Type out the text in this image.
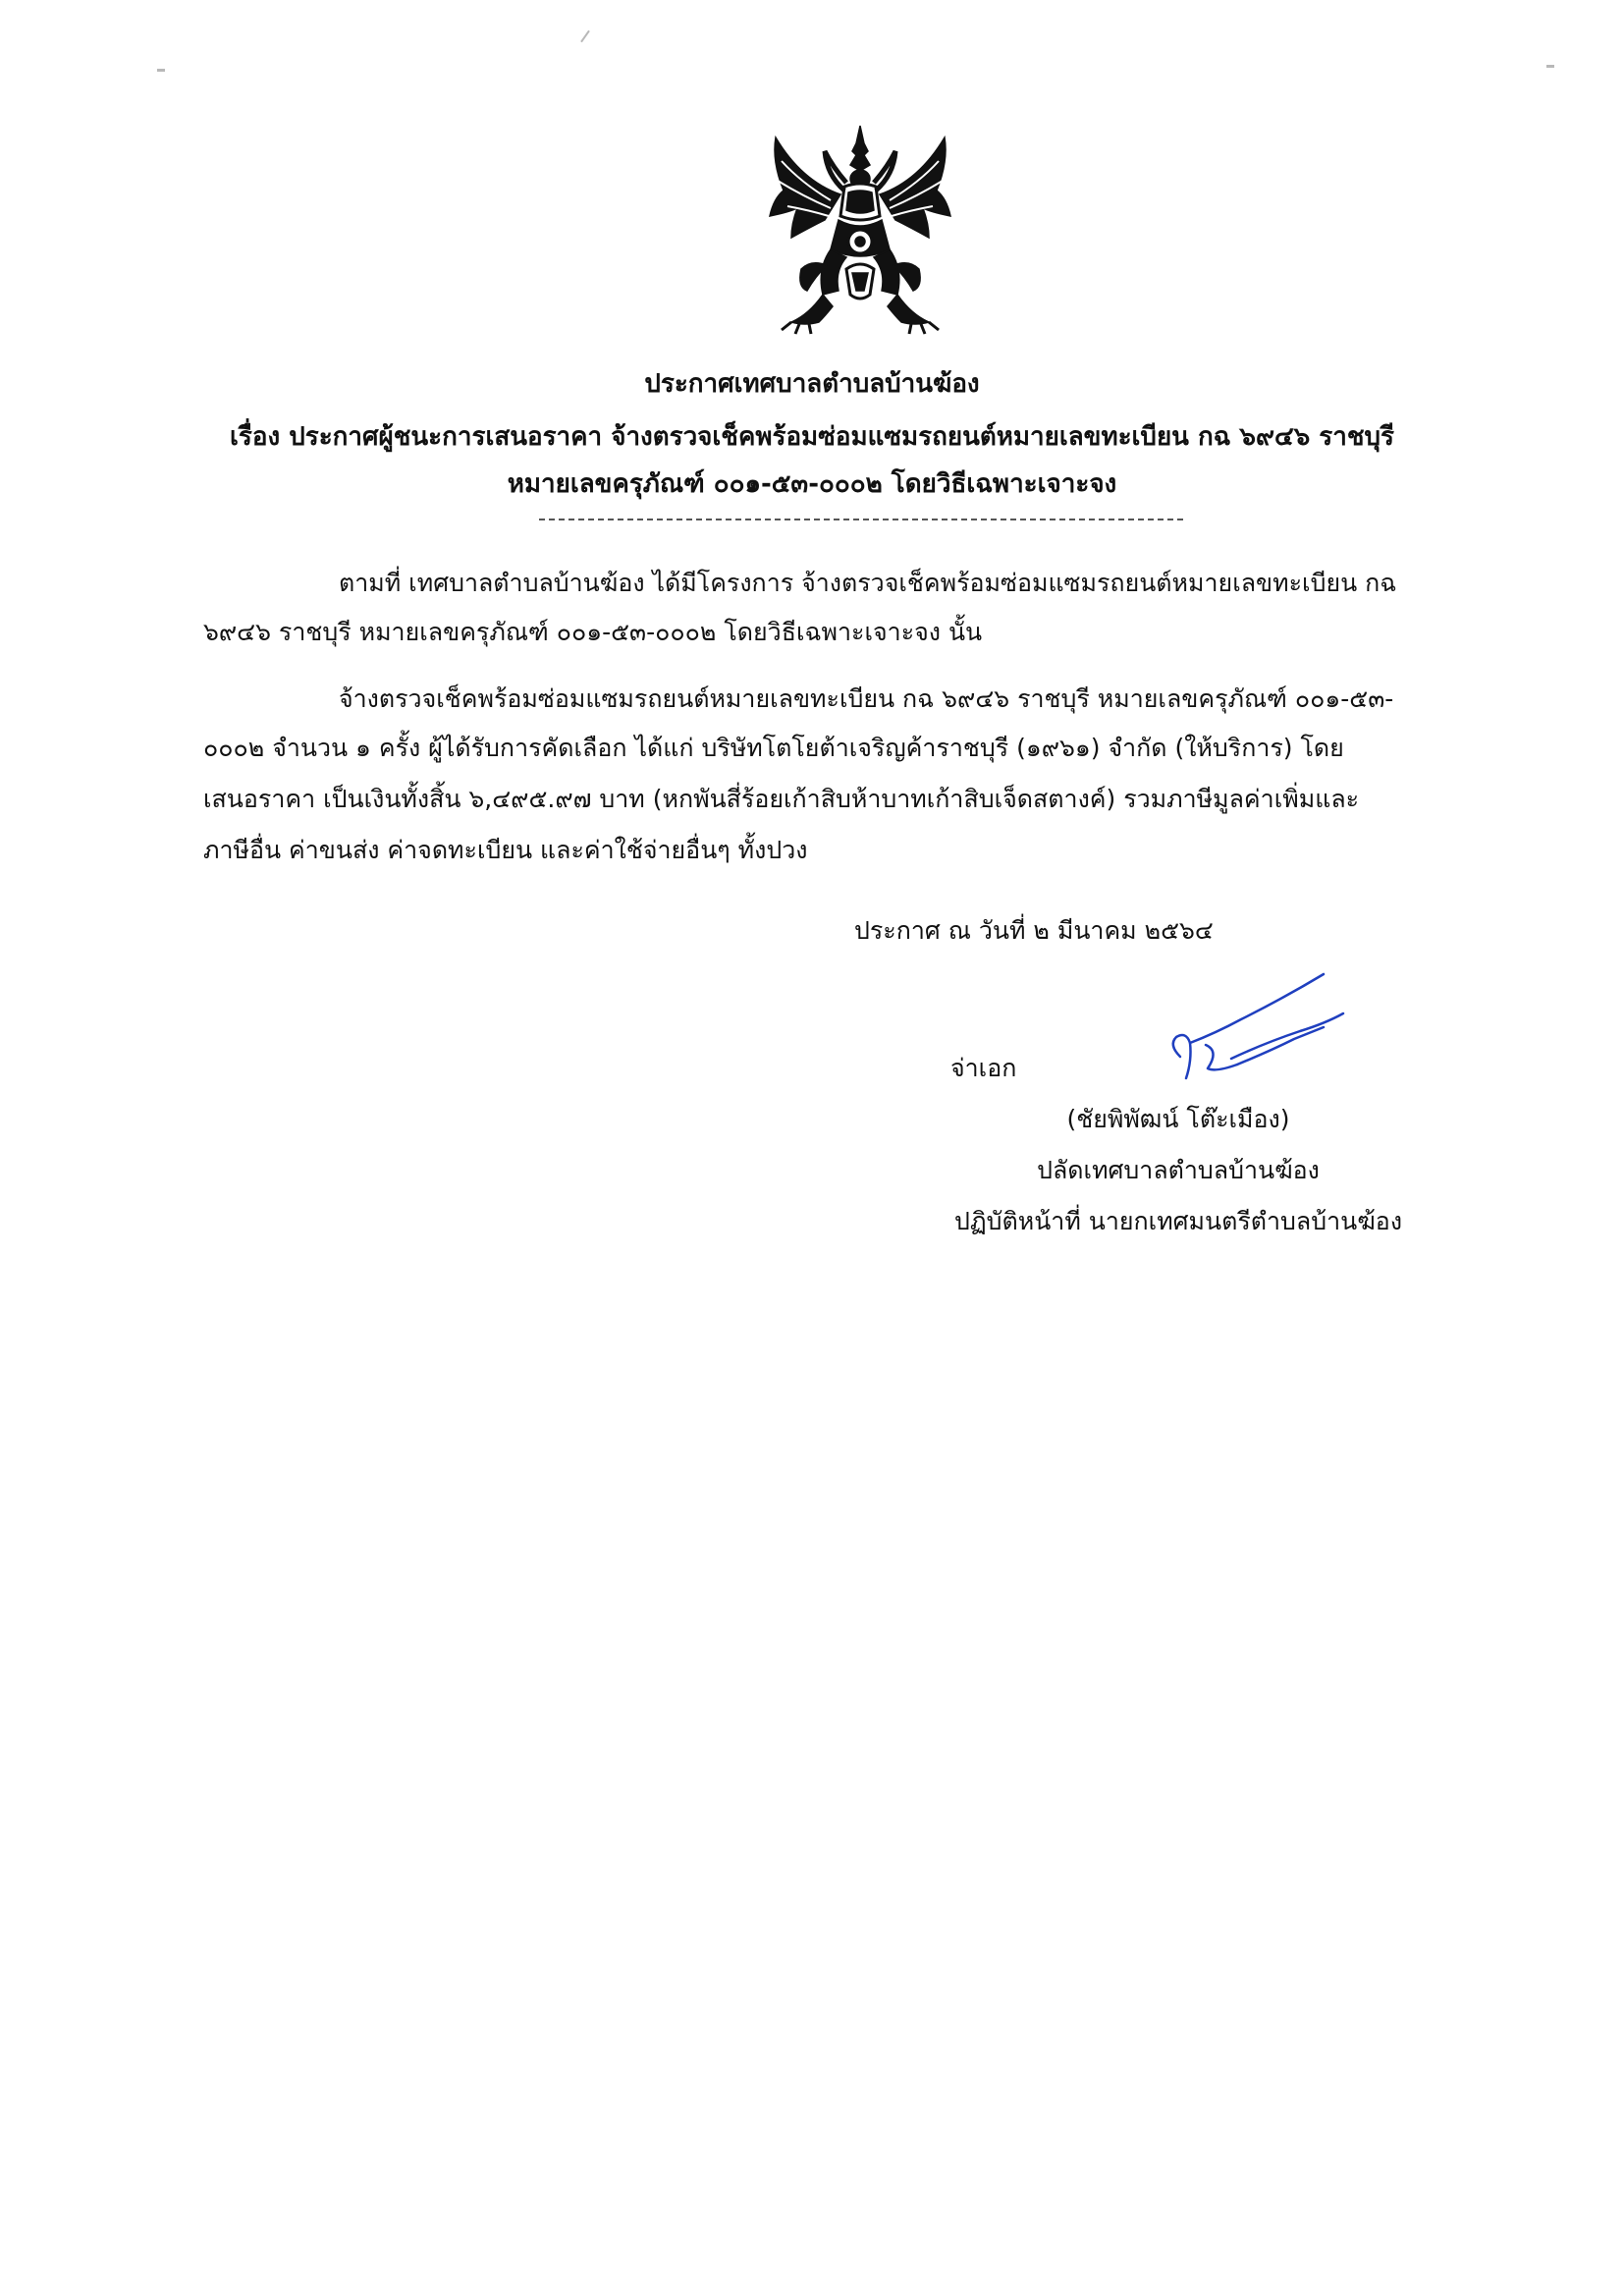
ประกาศเทศบาลตำบลบ้านฆ้อง
เรื่อง ประกาศผู้ชนะการเสนอราคา จ้างตรวจเช็คพร้อมซ่อมแซมรถยนต์หมายเลขทะเบียน กฉ ๖๙๔๖ ราชบุรี
หมายเลขครุภัณฑ์ ๐๐๑-๕๓-๐๐๐๒ โดยวิธีเฉพาะเจาะจง
ตามที่ เทศบาลตำบลบ้านฆ้อง ได้มีโครงการ จ้างตรวจเช็คพร้อมซ่อมแซมรถยนต์หมายเลขทะเบียน กฉ
๖๙๔๖ ราชบุรี หมายเลขครุภัณฑ์ ๐๐๑-๕๓-๐๐๐๒ โดยวิธีเฉพาะเจาะจง นั้น
จ้างตรวจเช็คพร้อมซ่อมแซมรถยนต์หมายเลขทะเบียน กฉ ๖๙๔๖ ราชบุรี หมายเลขครุภัณฑ์ ๐๐๑-๕๓-
๐๐๐๒ จำนวน ๑ ครั้ง ผู้ได้รับการคัดเลือก ได้แก่ บริษัทโตโยต้าเจริญค้าราชบุรี (๑๙๖๑) จำกัด (ให้บริการ) โดย
เสนอราคา เป็นเงินทั้งสิ้น ๖,๔๙๕.๙๗ บาท (หกพันสี่ร้อยเก้าสิบห้าบาทเก้าสิบเจ็ดสตางค์) รวมภาษีมูลค่าเพิ่มและ
ภาษีอื่น ค่าขนส่ง ค่าจดทะเบียน และค่าใช้จ่ายอื่นๆ ทั้งปวง
ประกาศ ณ วันที่ ๒ มีนาคม ๒๕๖๔
จ่าเอก
(ชัยพิพัฒน์ โต๊ะเมือง)
ปลัดเทศบาลตำบลบ้านฆ้อง
ปฏิบัติหน้าที่ นายกเทศมนตรีตำบลบ้านฆ้อง
